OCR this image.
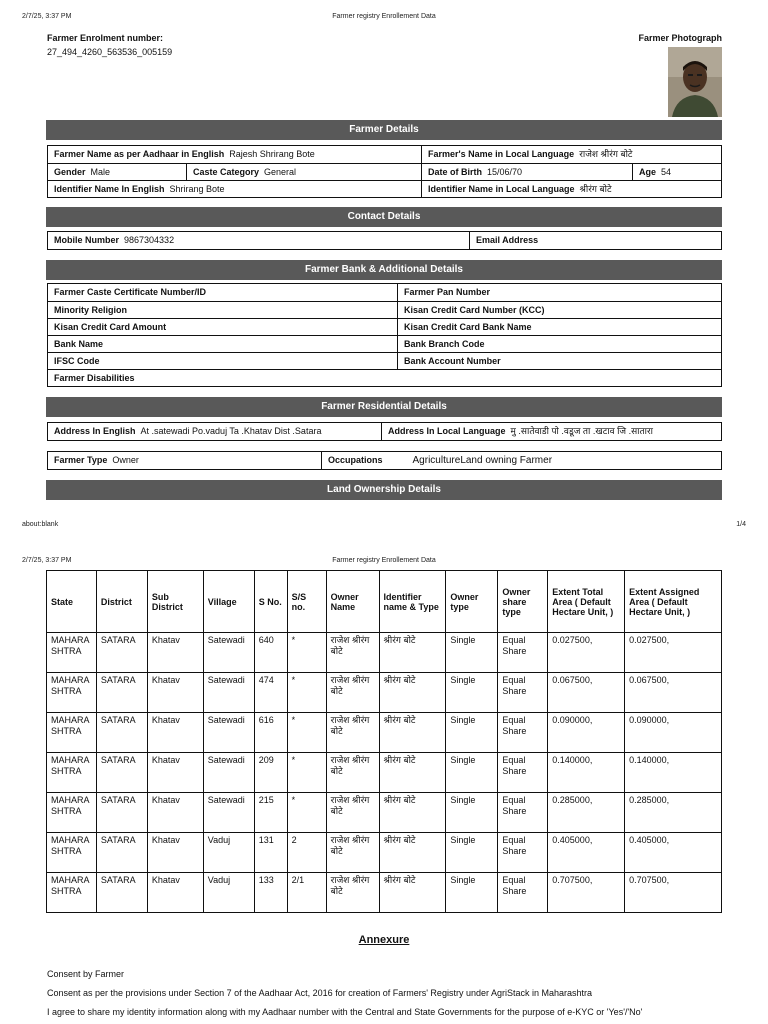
2/7/25, 3:37 PM	Farmer registry Enrollement Data
Farmer Enrolment number:
27_494_4260_563536_005159
Farmer Photograph
Farmer Details
Farmer Name as per Aadhaar in English Rajesh Shrirang Bote	Farmer's Name in Local Language राजेश श्रीरंग बोटे
Gender Male	Caste Category General	Date of Birth 15/06/70	Age 54
Identifier Name In English Shrirang Bote	Identifier Name in Local Language श्रीरंग बोटे
Contact Details
Mobile Number 9867304332	Email Address
Farmer Bank & Additional Details
Farmer Caste Certificate Number/ID	Farmer Pan Number
Minority Religion	Kisan Credit Card Number (KCC)
Kisan Credit Card Amount	Kisan Credit Card Bank Name
Bank Name	Bank Branch Code
IFSC Code	Bank Account Number
Farmer Disabilities
Farmer Residential Details
Address In English At .satewadi Po.vaduj Ta .Khatav Dist .Satara	Address In Local Language मु .सातेवाडी पो .वडूज ता .खटाव जि .सातारा
Farmer Type Owner	Occupations	AgricultureLand owning Farmer
Land Ownership Details
about:blank	1/4
2/7/25, 3:37 PM	Farmer registry Enrollement Data
State	District	Sub District	Village	S No.	S/S no.	Owner Name	Identifier name & Type	Owner type	Owner share type	Extent Total Area ( Default Hectare Unit, )	Extent Assigned Area ( Default Hectare Unit, )
MAHARASHTRA	SATARA	Khatav	Satewadi	640	*	राजेश श्रीरंग बोटे	श्रीरंग बोटे	Single	Equal Share	0.027500,	0.027500,
MAHARASHTRA	SATARA	Khatav	Satewadi	474	*	राजेश श्रीरंग बोटे	श्रीरंग बोटे	Single	Equal Share	0.067500,	0.067500,
MAHARASHTRA	SATARA	Khatav	Satewadi	616	*	राजेश श्रीरंग बोटे	श्रीरंग बोटे	Single	Equal Share	0.090000,	0.090000,
MAHARASHTRA	SATARA	Khatav	Satewadi	209	*	राजेश श्रीरंग बोटे	श्रीरंग बोटे	Single	Equal Share	0.140000,	0.140000,
MAHARASHTRA	SATARA	Khatav	Satewadi	215	*	राजेश श्रीरंग बोटे	श्रीरंग बोटे	Single	Equal Share	0.285000,	0.285000,
MAHARASHTRA	SATARA	Khatav	Vaduj	131	2	राजेश श्रीरंग बोटे	श्रीरंग बोटे	Single	Equal Share	0.405000,	0.405000,
MAHARASHTRA	SATARA	Khatav	Vaduj	133	2/1	राजेश श्रीरंग बोटे	श्रीरंग बोटे	Single	Equal Share	0.707500,	0.707500,
Annexure
Consent by Farmer
Consent as per the provisions under Section 7 of the Aadhaar Act, 2016 for creation of Farmers' Registry under AgriStack in Maharashtra
I agree to share my identity information along with my Aadhaar number with the Central and State Governments for the purpose of e-KYC or 'Yes'/'No'
